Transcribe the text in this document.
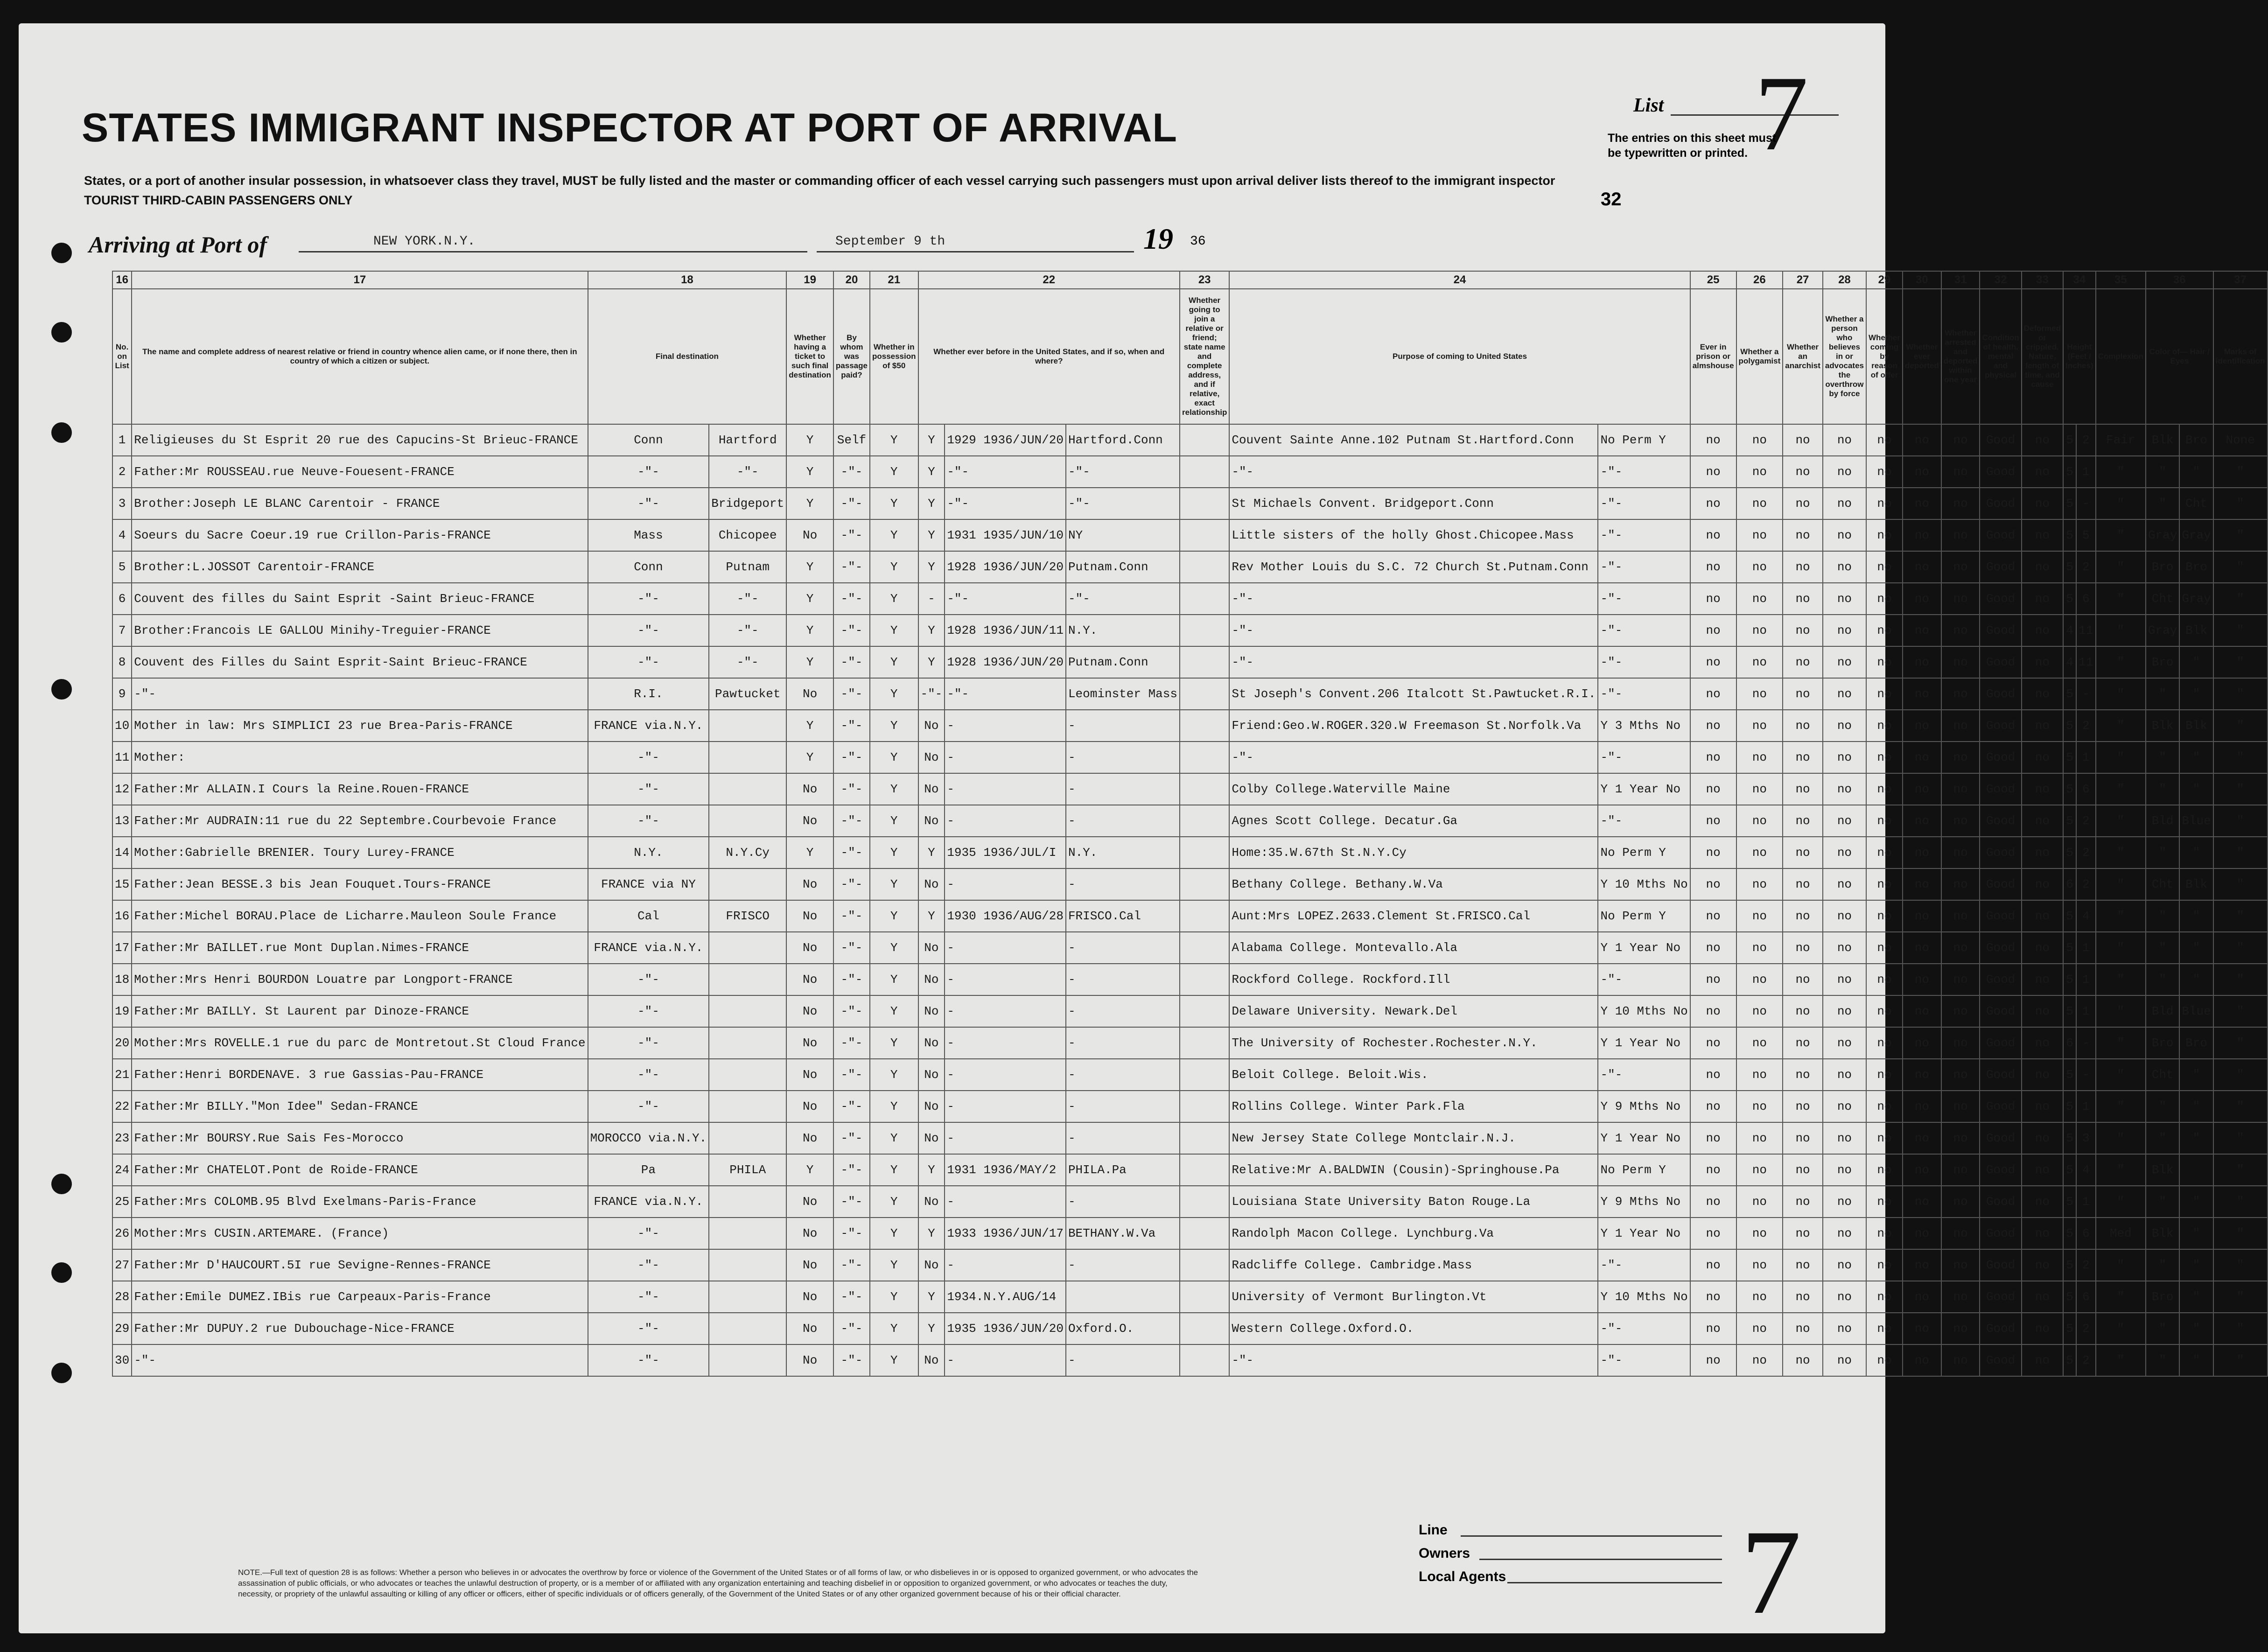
STATES IMMIGRANT INSPECTOR AT PORT OF ARRIVAL

States, or a port of another insular possession, in whatsoever class they travel, MUST be fully listed and the master or commanding officer of each vessel carrying such passengers must upon arrival deliver lists thereof to the immigrant inspector

TOURIST THIRD-CABIN PASSENGERS ONLY

List 7
The entries on this sheet must
be typewritten or printed.
32
Arriving at Port of	NEW YORK.N.Y.	September 9 th	19 36
16	17	18		19	20	21	22			23	24		25	26	27	28	29	30	31	32	33	34		35	36		37
No. on List	The name and complete address of nearest relative or friend in country whence alien came, or if none there, then in country of which a citizen or subject.	Final destination		Whether having a ticket to such final destination	By whom was passage paid?	Whether in possession of $50	Whether ever before in the United States, and if so, when and where?			Whether going to join a relative or friend; state name and complete address, and if relative, exact relationship	Purpose of coming to United States		Ever in prison or almshouse	Whether a polygamist	Whether an anarchist	Whether a person who believes in or advocates the overthrow by force	Whether coming by reason of offer	Whether ever deported	Whether arrested and deported within one year	Condition of health, mental and physical	Deformed or crippled. Nature, length of time, and cause	Height (Feet / Inches)		Complexion	Color of— Hair / Eyes		Marks of identification
1	Religieuses du St Esprit 20 rue des Capucins-St Brieuc-FRANCE	Conn	Hartford	Y	Self	Y	Y	1929 1936/JUN/20	Hartford.Conn		Couvent Sainte Anne.102 Putnam St.Hartford.Conn	No Perm Y	no	no	no	no	no	no	no	Good	no	5	2	Fair	Blk	Bro	None
2	Father:Mr ROUSSEAU.rue Neuve-Fouesent-FRANCE	-"-	-"-	Y	-"-	Y	Y	-"-	-"-		-"-	-"-	no	no	no	no	no	no	no	Good	no	5	1	"	"	"	"
3	Brother:Joseph LE BLANC Carentoir - FRANCE	-"-	Bridgeport	Y	-"-	Y	Y	-"-	-"-		St Michaels Convent. Bridgeport.Conn	-"-	no	no	no	no	no	no	no	Good	no	5	-	"	"	Cht	"
4	Soeurs du Sacre Coeur.19 rue Crillon-Paris-FRANCE	Mass	Chicopee	No	-"-	Y	Y	1931 1935/JUN/10	NY		Little sisters of the holly Ghost.Chicopee.Mass	-"-	no	no	no	no	no	no	no	Good	no	5	5	"	Gray	Gray	"
5	Brother:L.JOSSOT Carentoir-FRANCE	Conn	Putnam	Y	-"-	Y	Y	1928 1936/JUN/20	Putnam.Conn		Rev Mother Louis du S.C. 72 Church St.Putnam.Conn	-"-	no	no	no	no	no	no	no	Good	no	5	2	"	Bro	Bro	"
6	Couvent des filles du Saint Esprit -Saint Brieuc-FRANCE	-"-	-"-	Y	-"-	Y	-	-"-	-"-		-"-	-"-	no	no	no	no	no	no	no	Good	no	5	6	"	Cht	Gray	"
7	Brother:Francois LE GALLOU Minihy-Treguier-FRANCE	-"-	-"-	Y	-"-	Y	Y	1928 1936/JUN/11	N.Y.		-"-	-"-	no	no	no	no	no	no	no	Good	no	4	11	"	Gray	Blk	"
8	Couvent des Filles du Saint Esprit-Saint Brieuc-FRANCE	-"-	-"-	Y	-"-	Y	Y	1928 1936/JUN/20	Putnam.Conn		-"-	-"-	no	no	no	no	no	no	no	Good	no	4	11	"	Bro	"	"
9	-"-	R.I.	Pawtucket	No	-"-	Y	-"-	-"-	Leominster Mass		St Joseph's Convent.206 Italcott St.Pawtucket.R.I.	-"-	no	no	no	no	no	no	no	Good	no	5	-	"	"	"	"
10	Mother in law: Mrs SIMPLICI 23 rue Brea-Paris-FRANCE	FRANCE via.N.Y.		Y	-"-	Y	No	-	-		Friend:Geo.W.ROGER.320.W Freemason St.Norfolk.Va	Y 3 Mths No	no	no	no	no	no	no	no	Good	no	5	2	"	Blk	Blk	"
11	Mother:	-"-		Y	-"-	Y	No	-	-		-"-	-"-	no	no	no	no	no	no	no	Good	no	5	1	"	"	"	"
12	Father:Mr ALLAIN.I Cours la Reine.Rouen-FRANCE	-"-		No	-"-	Y	No	-	-		Colby College.Waterville Maine	Y 1 Year No	no	no	no	no	no	no	no	Good	no	5	6	"	"	"	"
13	Father:Mr AUDRAIN:11 rue du 22 Septembre.Courbevoie France	-"-		No	-"-	Y	No	-	-		Agnes Scott College. Decatur.Ga	-"-	no	no	no	no	no	no	no	Good	no	5	2	"	Bld	Blue	"
14	Mother:Gabrielle BRENIER. Toury Lurey-FRANCE	N.Y.	N.Y.Cy	Y	-"-	Y	Y	1935 1936/JUL/I	N.Y.		Home:35.W.67th St.N.Y.Cy	No Perm Y	no	no	no	no	no	no	no	Good	no	5	2	"	"	"	"
15	Father:Jean BESSE.3 bis Jean Fouquet.Tours-FRANCE	FRANCE via NY		No	-"-	Y	No	-	-		Bethany College. Bethany.W.Va	Y 10 Mths No	no	no	no	no	no	no	no	Good	no	6	2	"	Cht	Blk	"
16	Father:Michel BORAU.Place de Licharre.Mauleon Soule France	Cal	FRISCO	No	-"-	Y	Y	1930 1936/AUG/28	FRISCO.Cal		Aunt:Mrs LOPEZ.2633.Clement St.FRISCO.Cal	No Perm Y	no	no	no	no	no	no	no	Good	no	5	4	"	"	"	"
17	Father:Mr BAILLET.rue Mont Duplan.Nimes-FRANCE	FRANCE via.N.Y.		No	-"-	Y	No	-	-		Alabama College. Montevallo.Ala	Y 1 Year No	no	no	no	no	no	no	no	Good	no	5	1	"	"	"	"
18	Mother:Mrs Henri BOURDON Louatre par Longport-FRANCE	-"-		No	-"-	Y	No	-	-		Rockford College. Rockford.Ill	-"-	no	no	no	no	no	no	no	Good	no	5	1	"	"	"	"
19	Father:Mr BAILLY. St Laurent par Dinoze-FRANCE	-"-		No	-"-	Y	No	-	-		Delaware University. Newark.Del	Y 10 Mths No	no	no	no	no	no	no	no	Good	no	5	1	"	Bld	Blue	"
20	Mother:Mrs ROVELLE.1 rue du parc de Montretout.St Cloud France	-"-		No	-"-	Y	No	-	-		The University of Rochester.Rochester.N.Y.	Y 1 Year No	no	no	no	no	no	no	no	Good	no	6	-	"	Bro	Bro	"
21	Father:Henri BORDENAVE. 3 rue Gassias-Pau-FRANCE	-"-		No	-"-	Y	No	-	-		Beloit College. Beloit.Wis.	-"-	no	no	no	no	no	no	no	Good	no	5	-	"	Cht	"	"
22	Father:Mr BILLY."Mon Idee" Sedan-FRANCE	-"-		No	-"-	Y	No	-	-		Rollins College. Winter Park.Fla	Y 9 Mths No	no	no	no	no	no	no	no	Good	no	5	1	"	"	"	"
23	Father:Mr BOURSY.Rue Sais Fes-Morocco	MOROCCO via.N.Y.		No	-"-	Y	No	-	-		New Jersey State College Montclair.N.J.	Y 1 Year No	no	no	no	no	no	no	no	Good	no	5	3	"	"	"	"
24	Father:Mr CHATELOT.Pont de Roide-FRANCE	Pa	PHILA	Y	-"-	Y	Y	1931 1936/MAY/2	PHILA.Pa		Relative:Mr A.BALDWIN (Cousin)-Springhouse.Pa	No Perm Y	no	no	no	no	no	no	no	Good	no	5	4	"	Blk		"
25	Father:Mrs COLOMB.95 Blvd Exelmans-Paris-France	FRANCE via.N.Y.		No	-"-	Y	No	-	-		Louisiana State University Baton Rouge.La	Y 9 Mths No	no	no	no	no	no	no	no	Good	no	5	1	"	"	"	"
26	Mother:Mrs CUSIN.ARTEMARE. (France)	-"-		No	-"-	Y	Y	1933 1936/JUN/17	BETHANY.W.Va		Randolph Macon College. Lynchburg.Va	Y 1 Year No	no	no	no	no	no	no	no	Good	no	5	6	Med	Blk	"	"
27	Father:Mr D'HAUCOURT.5I rue Sevigne-Rennes-FRANCE	-"-		No	-"-	Y	No	-	-		Radcliffe College. Cambridge.Mass	-"-	no	no	no	no	no	no	no	Good	no	5	2	"	"	"	"
28	Father:Emile DUMEZ.IBis rue Carpeaux-Paris-France	-"-		No	-"-	Y	Y	1934.N.Y.AUG/14			University of Vermont Burlington.Vt	Y 10 Mths No	no	no	no	no	no	no	no	Good	no	5	6	"	Bro	"	"
29	Father:Mr DUPUY.2 rue Dubouchage-Nice-FRANCE	-"-		No	-"-	Y	Y	1935 1936/JUN/20	Oxford.O.		Western College.Oxford.O.	-"-	no	no	no	no	no	no	no	Good	no	5	2	"	"	"	"
30	-"-	-"-		No	-"-	Y	No	-	-		-"-	-"-	no	no	no	no	no	no	no	Good	no	5	2	"	"	"	"

NOTE.—Full text of question 28 is as follows: Whether a person who believes in or advocates the overthrow by force or violence of the Government of the United States or of all forms of law, or who disbelieves in or is opposed to organized government, or who advocates the assassination of public officials, or who advocates or teaches the unlawful destruction of property, or is a member of or affiliated with any organization entertaining and teaching disbelief in or opposition to organized government, or who advocates or teaches the duty, necessity, or propriety of the unlawful assaulting or killing of any officer or officers, either of specific individuals or of officers generally, of the Government of the United States or of any other organized government because of his or their official character.

Line
Owners
Local Agents 7
